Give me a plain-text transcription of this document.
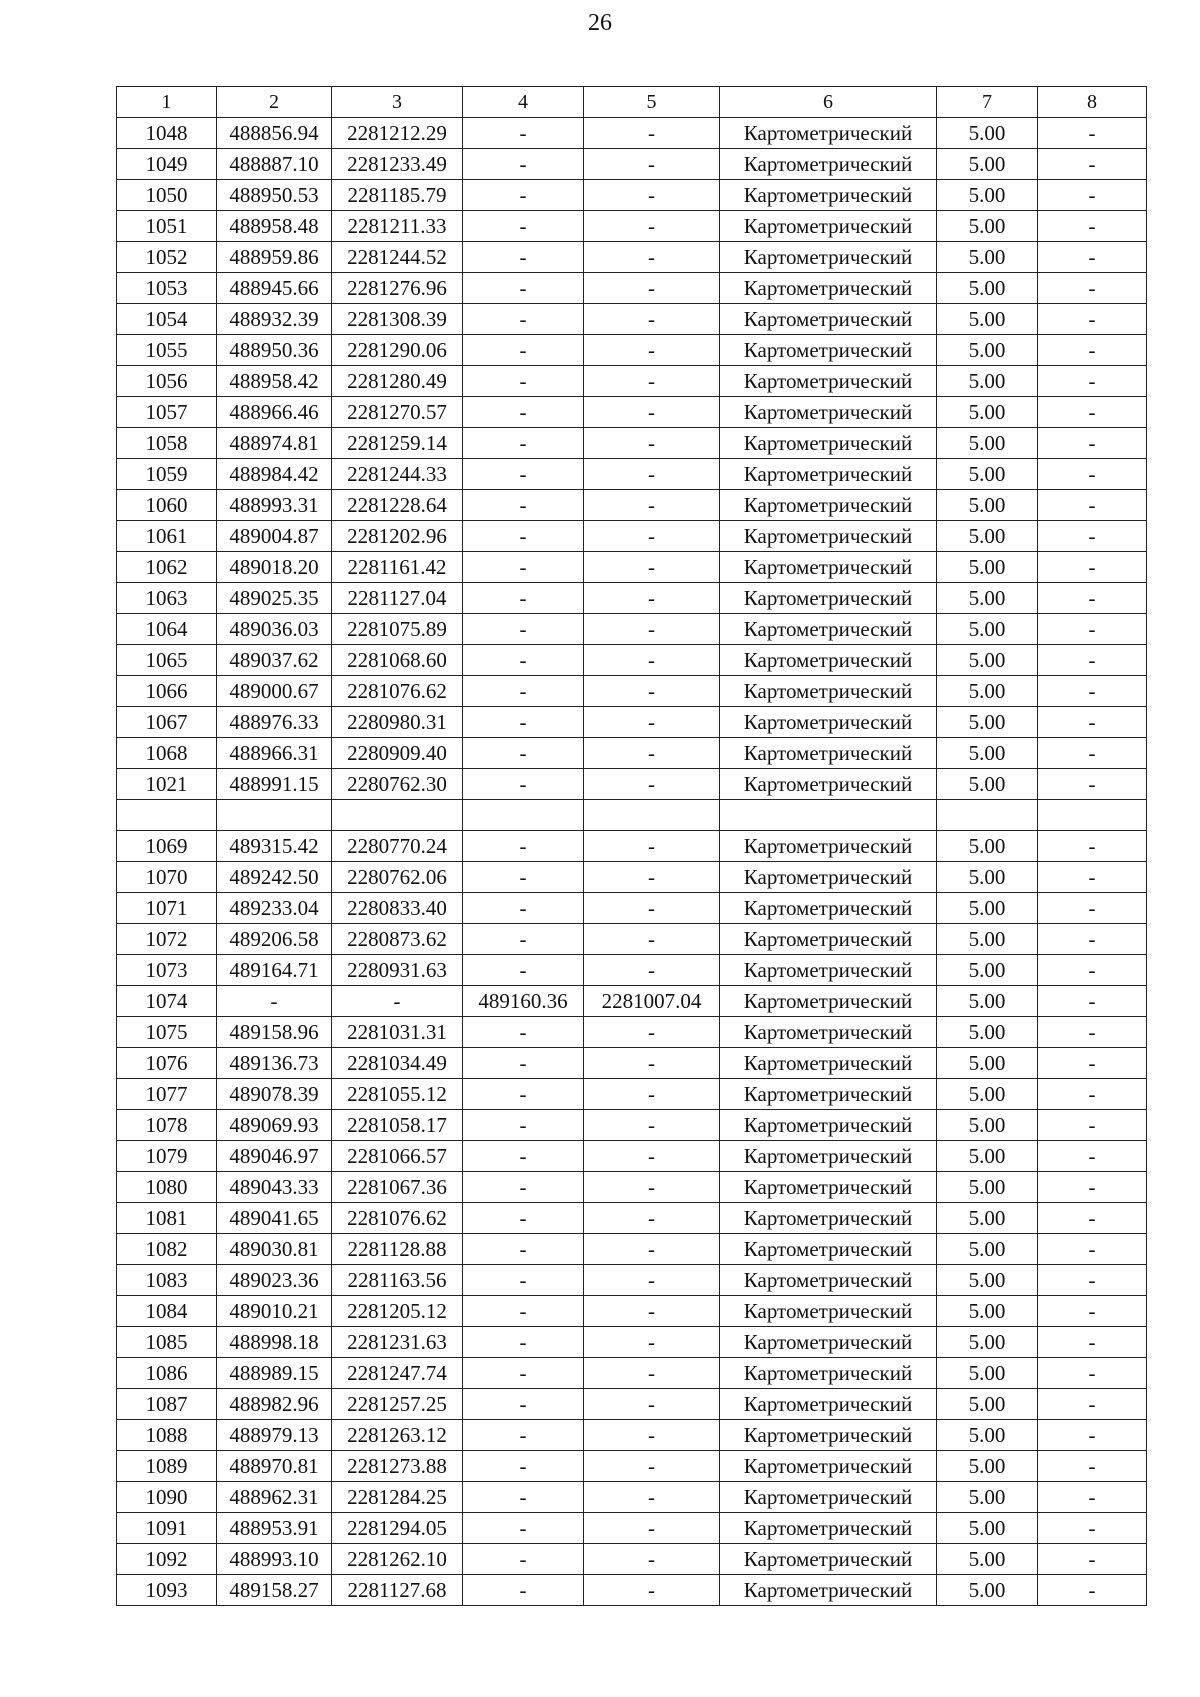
26
1	2	3	4	5	6	7	8
1048	488856.94	2281212.29	-	-	Картометрический	5.00	-
1049	488887.10	2281233.49	-	-	Картометрический	5.00	-
1050	488950.53	2281185.79	-	-	Картометрический	5.00	-
1051	488958.48	2281211.33	-	-	Картометрический	5.00	-
1052	488959.86	2281244.52	-	-	Картометрический	5.00	-
1053	488945.66	2281276.96	-	-	Картометрический	5.00	-
1054	488932.39	2281308.39	-	-	Картометрический	5.00	-
1055	488950.36	2281290.06	-	-	Картометрический	5.00	-
1056	488958.42	2281280.49	-	-	Картометрический	5.00	-
1057	488966.46	2281270.57	-	-	Картометрический	5.00	-
1058	488974.81	2281259.14	-	-	Картометрический	5.00	-
1059	488984.42	2281244.33	-	-	Картометрический	5.00	-
1060	488993.31	2281228.64	-	-	Картометрический	5.00	-
1061	489004.87	2281202.96	-	-	Картометрический	5.00	-
1062	489018.20	2281161.42	-	-	Картометрический	5.00	-
1063	489025.35	2281127.04	-	-	Картометрический	5.00	-
1064	489036.03	2281075.89	-	-	Картометрический	5.00	-
1065	489037.62	2281068.60	-	-	Картометрический	5.00	-
1066	489000.67	2281076.62	-	-	Картометрический	5.00	-
1067	488976.33	2280980.31	-	-	Картометрический	5.00	-
1068	488966.31	2280909.40	-	-	Картометрический	5.00	-
1021	488991.15	2280762.30	-	-	Картометрический	5.00	-

1069	489315.42	2280770.24	-	-	Картометрический	5.00	-
1070	489242.50	2280762.06	-	-	Картометрический	5.00	-
1071	489233.04	2280833.40	-	-	Картометрический	5.00	-
1072	489206.58	2280873.62	-	-	Картометрический	5.00	-
1073	489164.71	2280931.63	-	-	Картометрический	5.00	-
1074	-	-	489160.36	2281007.04	Картометрический	5.00	-
1075	489158.96	2281031.31	-	-	Картометрический	5.00	-
1076	489136.73	2281034.49	-	-	Картометрический	5.00	-
1077	489078.39	2281055.12	-	-	Картометрический	5.00	-
1078	489069.93	2281058.17	-	-	Картометрический	5.00	-
1079	489046.97	2281066.57	-	-	Картометрический	5.00	-
1080	489043.33	2281067.36	-	-	Картометрический	5.00	-
1081	489041.65	2281076.62	-	-	Картометрический	5.00	-
1082	489030.81	2281128.88	-	-	Картометрический	5.00	-
1083	489023.36	2281163.56	-	-	Картометрический	5.00	-
1084	489010.21	2281205.12	-	-	Картометрический	5.00	-
1085	488998.18	2281231.63	-	-	Картометрический	5.00	-
1086	488989.15	2281247.74	-	-	Картометрический	5.00	-
1087	488982.96	2281257.25	-	-	Картометрический	5.00	-
1088	488979.13	2281263.12	-	-	Картометрический	5.00	-
1089	488970.81	2281273.88	-	-	Картометрический	5.00	-
1090	488962.31	2281284.25	-	-	Картометрический	5.00	-
1091	488953.91	2281294.05	-	-	Картометрический	5.00	-
1092	488993.10	2281262.10	-	-	Картометрический	5.00	-
1093	489158.27	2281127.68	-	-	Картометрический	5.00	-
